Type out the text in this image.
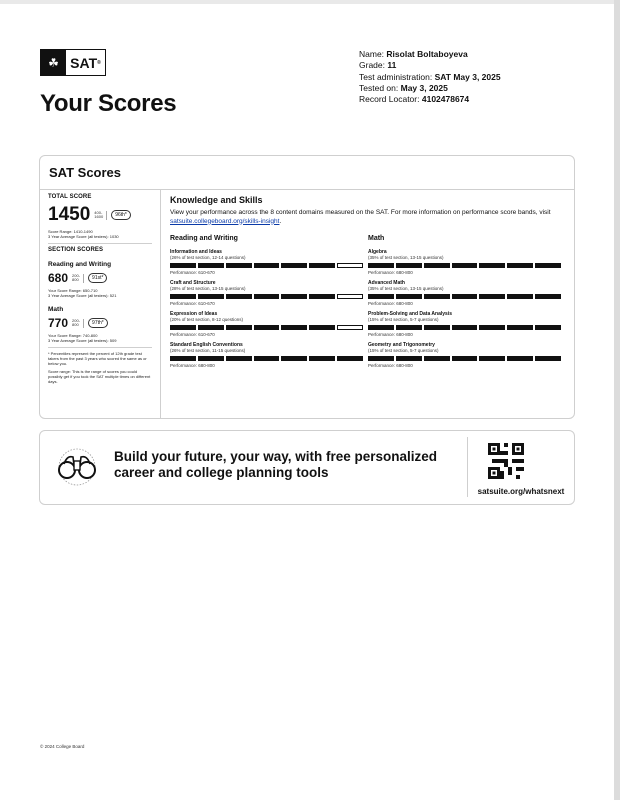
☘ SAT ®
Your Scores
Name: Risolat Boltaboyeva
Grade: 11
Test administration: SAT May 3, 2025
Tested on: May 3, 2025
Record Locator: 4102478674
SAT Scores
TOTAL SCORE
1450 400-
1600	96th*
Score Range: 1410-1490
3 Year Average Score (all testers): 1030
SECTION SCORES
Reading and Writing
680 200-
800	91st*
Your Score Range: 650-710
3 Year Average Score (all testers): 521
Math
770 200-
800	97th*
Your Score Range: 740-800
3 Year Average Score (all testers): 509
* Percentiles represent the percent of 12th grade test takers from the past 3 years who scored the same as or below you.
Score range: This is the range of scores you could possibly get if you took the SAT multiple times on different days.
Knowledge and Skills
View your performance across the 8 content domains measured on the SAT. For more information on performance score bands, visit satsuite.collegeboard.org/skills-insight.
Reading and Writing
Information and Ideas
(26% of test section, 12-14 questions)
Performance: 610-670
Craft and Structure
(28% of test section, 13-15 questions)
Performance: 610-670
Expression of Ideas
(20% of test section, 8-12 questions)
Performance: 610-670
Standard English Conventions
(26% of test section, 11-15 questions)
Performance: 680-800
Math
Algebra
(35% of test section, 13-15 questions)
Performance: 680-800
Advanced Math
(35% of test section, 13-15 questions)
Performance: 680-800
Problem-Solving and Data Analysis
(15% of test section, 5-7 questions)
Performance: 680-800
Geometry and Trigonometry
(15% of test section, 5-7 questions)
Performance: 680-800
Build your future, your way, with free personalized career and college planning tools
satsuite.org/whatsnext
© 2024 College Board
